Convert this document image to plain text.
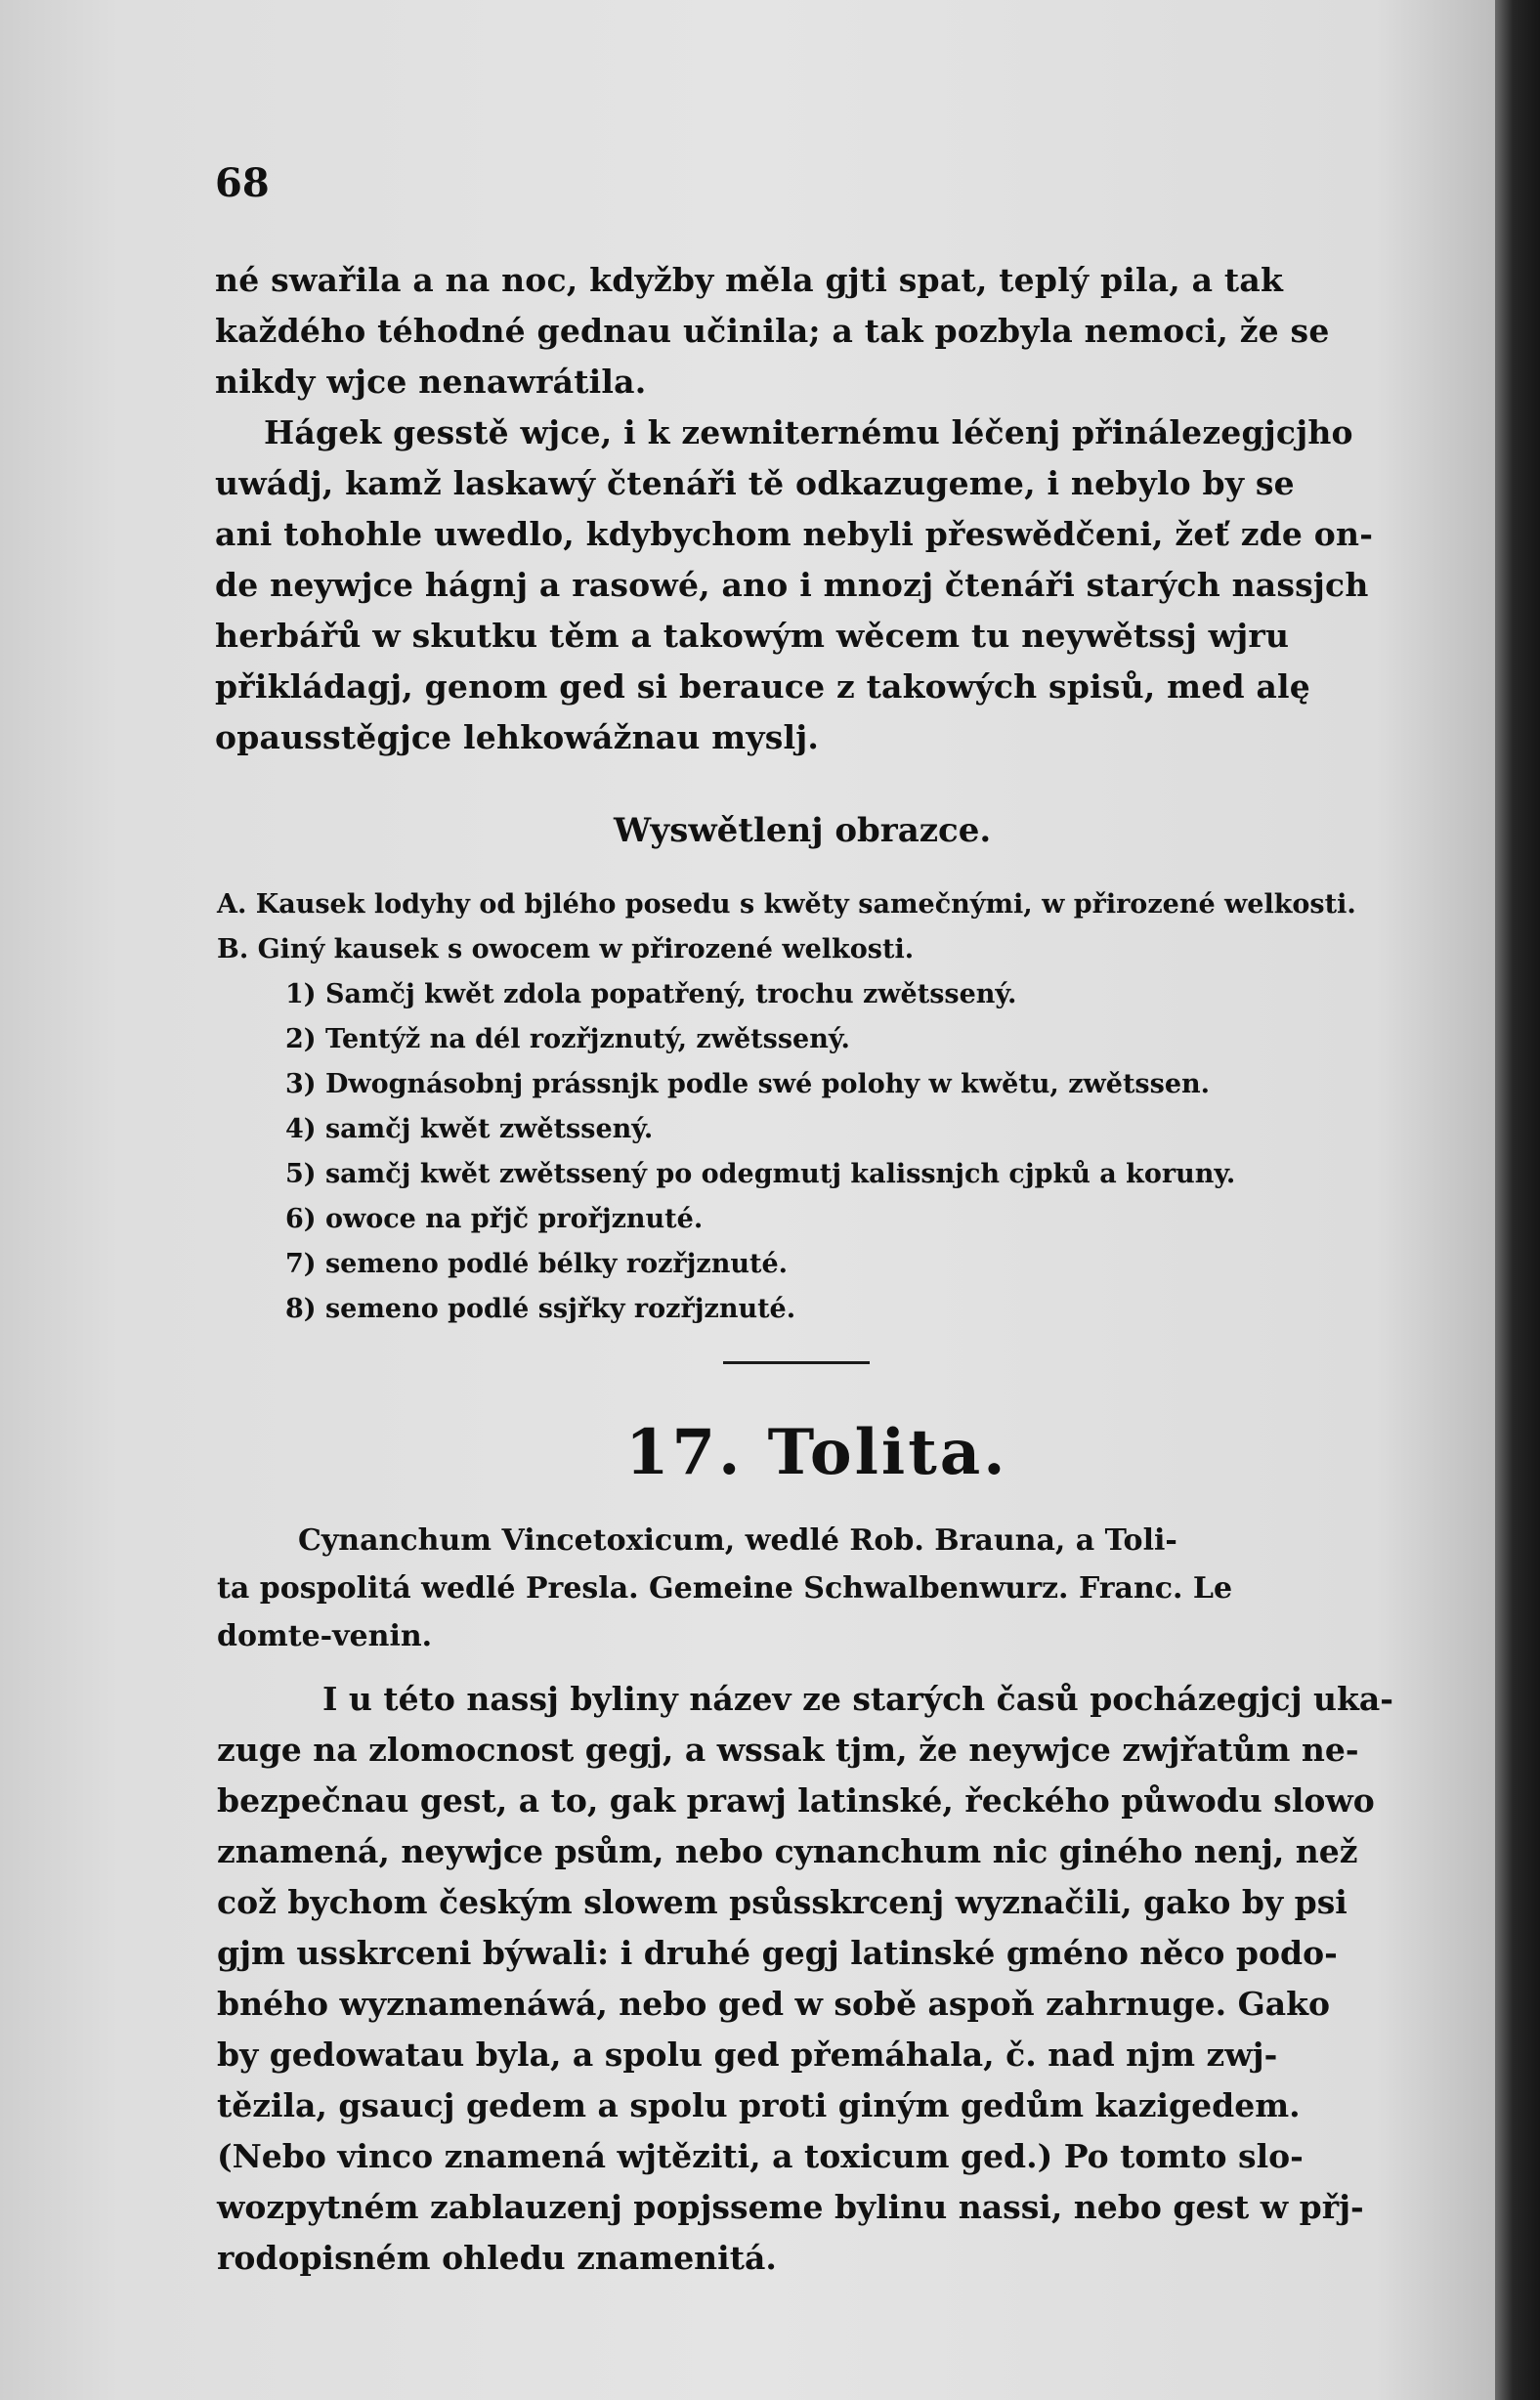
68
né swařila a na noc, kdyžby měla gjti spat, teplý pila, a tak
každého téhodné gednau učinila; a tak pozbyla nemoci, že se
nikdy wjce nenawrátila.
Hágek gesstě wjce, i k zewniternému léčenj přinálezegjcjho
uwádj, kamž laskawý čtenáři tě odkazugeme, i nebylo by se
ani tohohle uwedlo, kdybychom nebyli přeswědčeni, žeť zde on-
de neywjce hágnj a rasowé, ano i mnozj čtenáři starých nassjch
herbářů w skutku těm a takowým wěcem tu neywětssj wjru
přikládagj, genom ged si berauce z takowých spisů, med alę
opausstěgjce lehkowážnau myslj.
Wyswětlenj obrazce.
A. Kausek lodyhy od bjlého posedu s kwěty samečnými, w přirozené welkosti.
B. Giný kausek s owocem w přirozené welkosti.
1) Samčj kwět zdola popatřený, trochu zwětssený.
2) Tentýž na dél rozřjznutý, zwětssený.
3) Dwognásobnj prássnjk podle swé polohy w kwětu, zwětssen.
4) samčj kwět zwětssený.
5) samčj kwět zwětssený po odegmutj kalissnjch cjpků a koruny.
6) owoce na přjč prořjznuté.
7) semeno podlé bélky rozřjznuté.
8) semeno podlé ssjřky rozřjznuté.
17. Tolita.
Cynanchum Vincetoxicum, wedlé Rob. Brauna, a Toli-
ta pospolitá wedlé Presla. Gemeine Schwalbenwurz. Franc. Le
domte-venin.
I u této nassj byliny název ze starých časů pocházegjcj uka-
zuge na zlomocnost gegj, a wssak tjm, že neywjce zwjřatům ne-
bezpečnau gest, a to, gak prawj latinské, řeckého půwodu slowo
znamená, neywjce psům, nebo cynanchum nic giného nenj, než
což bychom českým slowem psůsskrcenj wyznačili, gako by psi
gjm usskrceni býwali: i druhé gegj latinské gméno něco podo-
bného wyznamenáwá, nebo ged w sobě aspoň zahrnuge. Gako
by gedowatau byla, a spolu ged přemáhala, č. nad njm zwj-
tězila, gsaucj gedem a spolu proti giným gedům kazigedem.
(Nebo vinco znamená wjtěziti, a toxicum ged.) Po tomto slo-
wozpytném zablauzenj popjsseme bylinu nassi, nebo gest w přj-
rodopisném ohledu znamenitá.
